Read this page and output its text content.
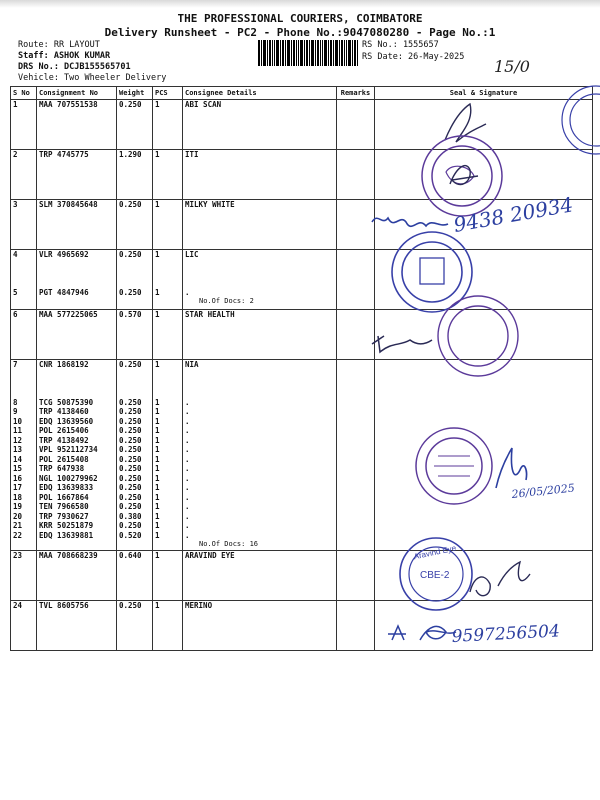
THE PROFESSIONAL COURIERS, COIMBATORE
Delivery Runsheet - PC2 - Phone No.:9047080280 - Page No.:1
Route: RR LAYOUT
Staff: ASHOK KUMAR
DRS No.: DCJB155565701
Vehicle: Two Wheeler Delivery
RS No.: 1555657
RS Date: 26-May-2025 15/0
S No	Consignment No	Weight	PCS	Consignee Details	Remarks	Seal & Signature
1	MAA 707551538	0.250	1	ABI SCAN		
2	TRP 4745775	1.290	1	ITI		
3	SLM 370845648	0.250	1	MILKY WHITE		
4	VLR 4965692	0.250	1	LIC		
5	PGT 4847946	0.250	1	.
No.Of Docs: 2		

6	MAA 577225065	0.570	1	STAR HEALTH		
7	CNR 1868192	0.250	1	NIA		
8	TCG 50875390	0.250	1	.		
9	TRP 4138460	0.250	1	.		
10	EDQ 13639560	0.250	1	.		
11	POL 2615406	0.250	1	.		
12	TRP 4138492	0.250	1	.		
13	VPL 952112734	0.250	1	.		
14	POL 2615408	0.250	1	.		
15	TRP 647938	0.250	1	.		
16	NGL 100279962	0.250	1	.		
17	EDQ 13639833	0.250	1	.		
18	POL 1667864	0.250	1	.		
19	TEN 7966580	0.250	1	.		
20	TRP 7930627	0.380	1	.		
21	KRR 50251879	0.250	1	.		
22	EDQ 13639881	0.520	1	.
No.Of Docs: 16		

23	MAA 708668239	0.640	1	ARAVIND EYE		
24	TVL 8605756	0.250	1	MERINO		
9438 20934
26/05/2025
Aravind Eye
CBE-2
9597256504
